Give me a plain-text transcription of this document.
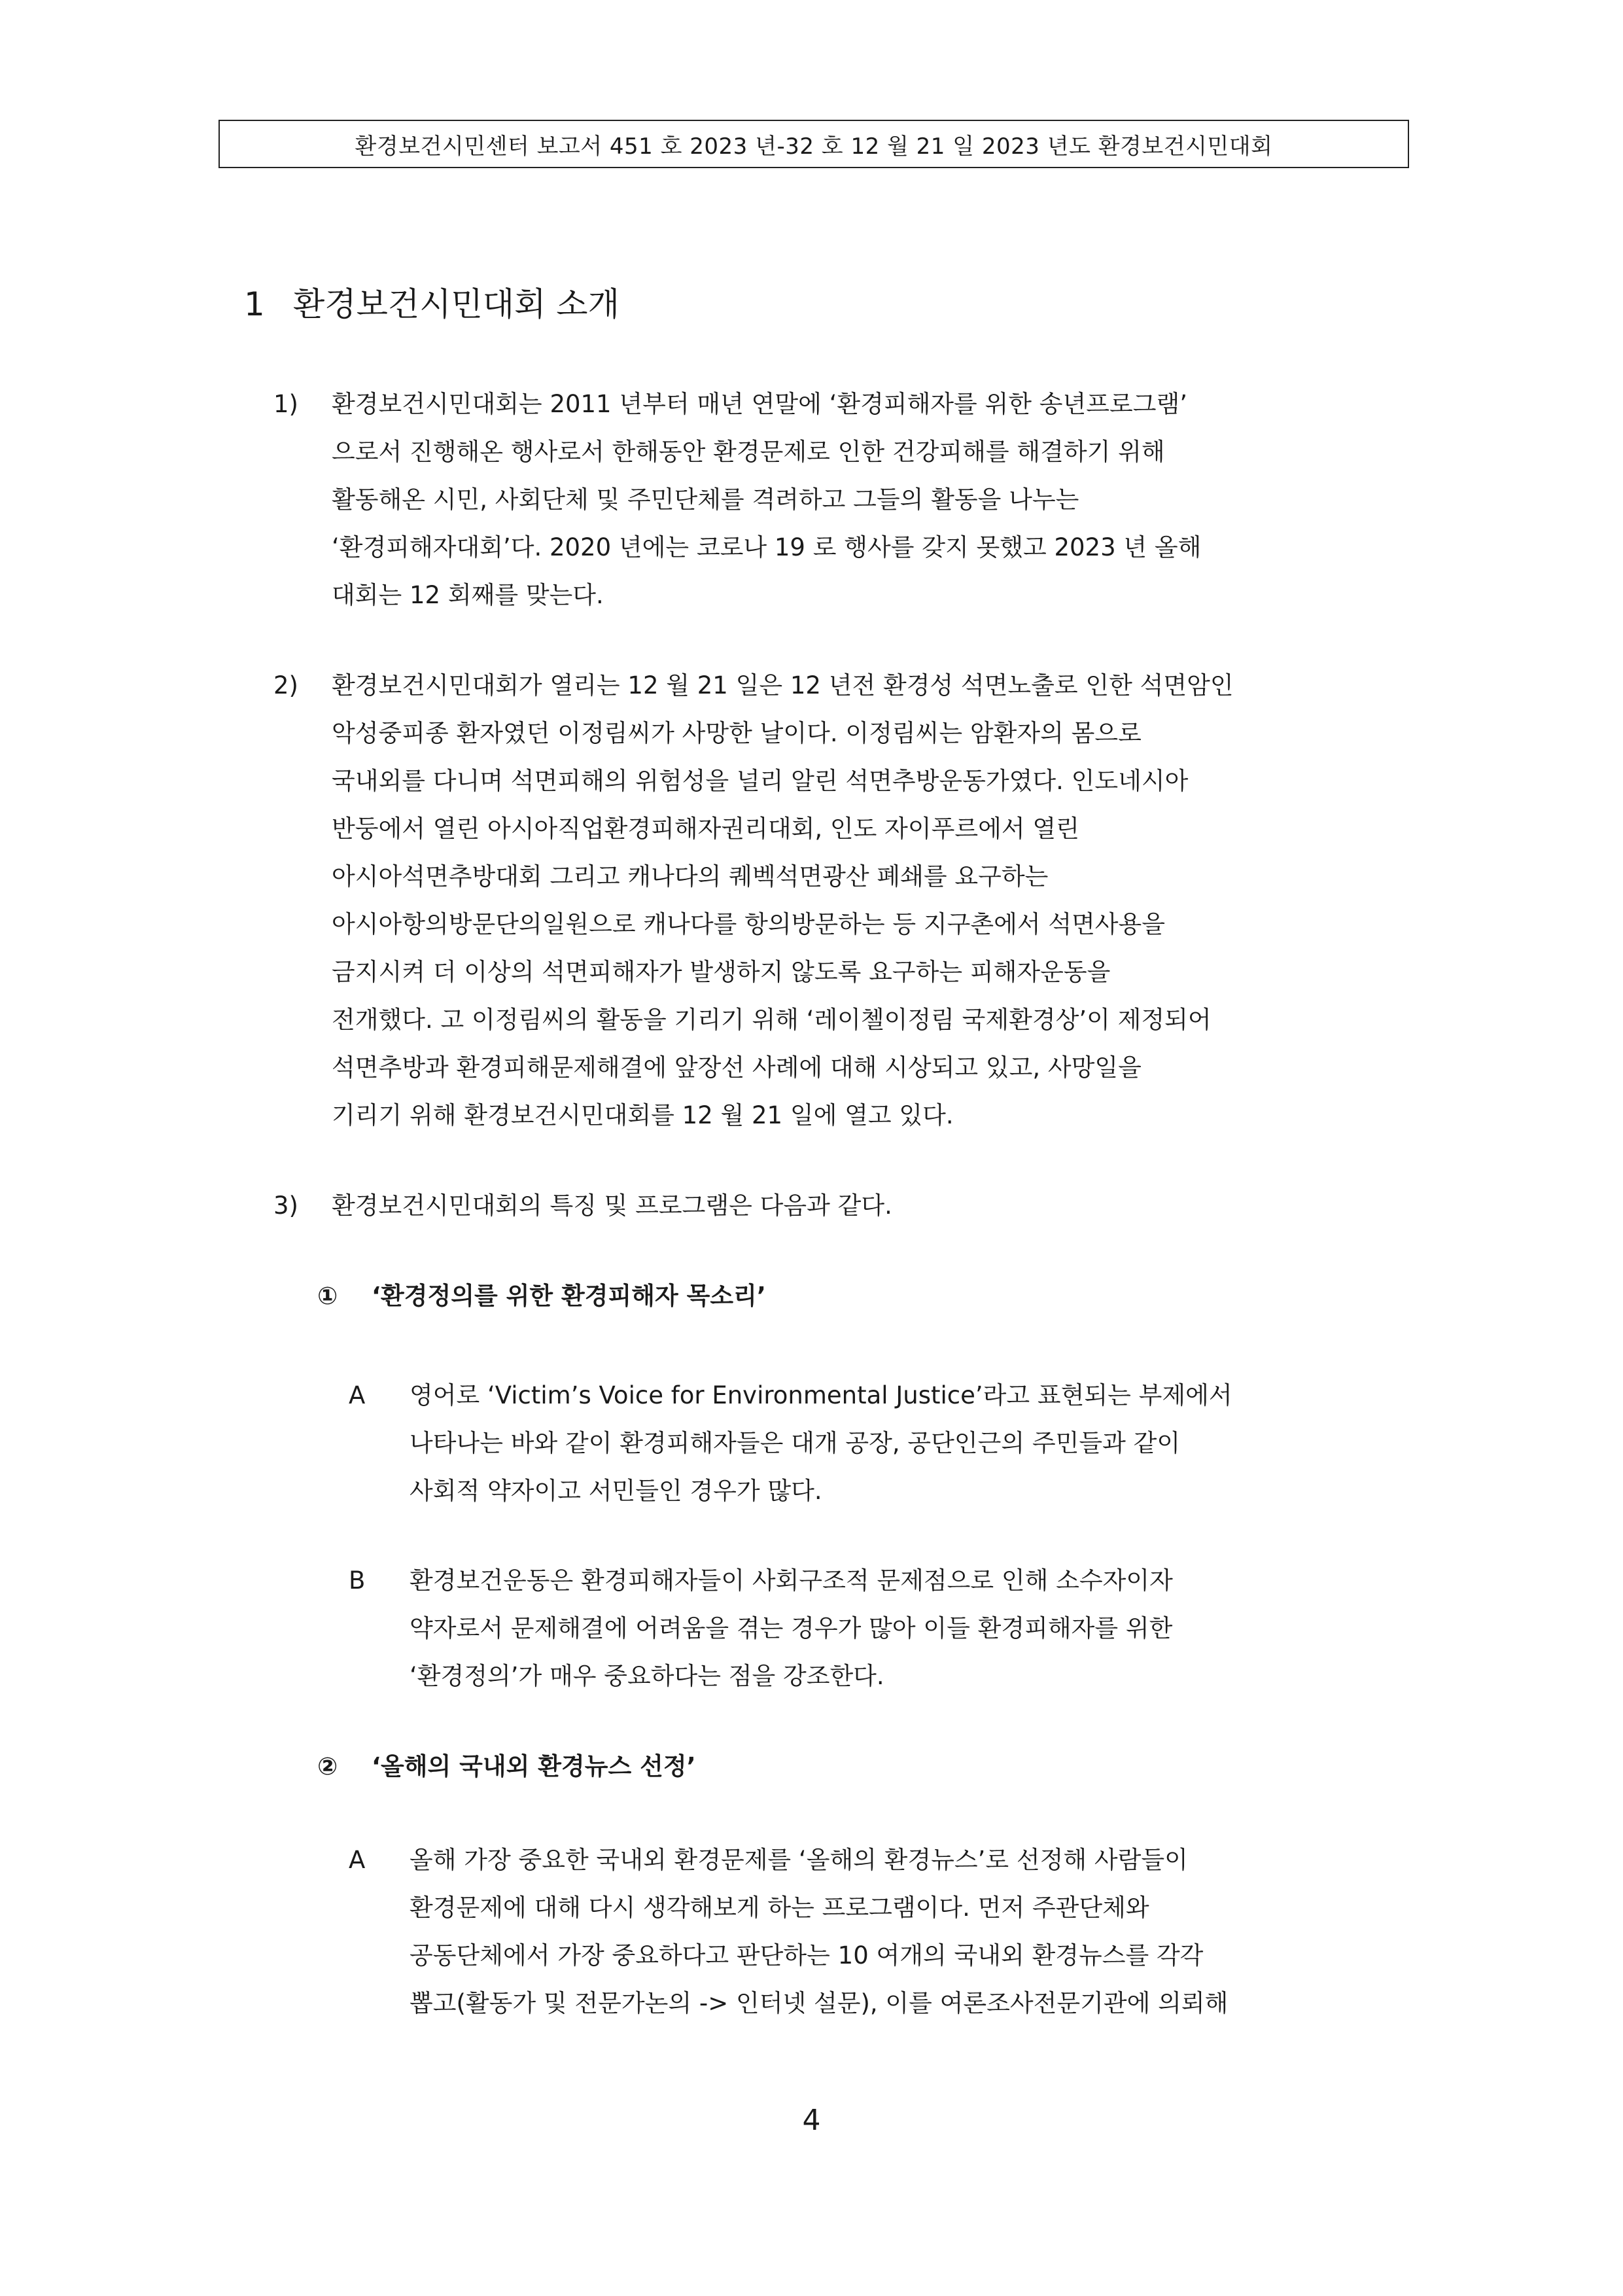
환경보건시민센터 보고서 451 호 2023 년-32 호 12 월 21 일 2023 년도 환경보건시민대회
1 환경보건시민대회 소개
1)	환경보건시민대회는 2011 년부터 매년 연말에 ‘환경피해자를 위한 송년프로그램’
으로서 진행해온 행사로서 한해동안 환경문제로 인한 건강피해를 해결하기 위해
활동해온 시민, 사회단체 및 주민단체를 격려하고 그들의 활동을 나누는
‘환경피해자대회’다. 2020 년에는 코로나 19 로 행사를 갖지 못했고 2023 년 올해
대회는 12 회째를 맞는다.
2)	환경보건시민대회가 열리는 12 월 21 일은 12 년전 환경성 석면노출로 인한 석면암인
악성중피종 환자였던 이정림씨가 사망한 날이다. 이정림씨는 암환자의 몸으로
국내외를 다니며 석면피해의 위험성을 널리 알린 석면추방운동가였다. 인도네시아
반둥에서 열린 아시아직업환경피해자권리대회, 인도 자이푸르에서 열린
아시아석면추방대회 그리고 캐나다의 퀘벡석면광산 폐쇄를 요구하는
아시아항의방문단의일원으로 캐나다를 항의방문하는 등 지구촌에서 석면사용을
금지시켜 더 이상의 석면피해자가 발생하지 않도록 요구하는 피해자운동을
전개했다. 고 이정림씨의 활동을 기리기 위해 ‘레이첼이정림 국제환경상’이 제정되어
석면추방과 환경피해문제해결에 앞장선 사례에 대해 시상되고 있고, 사망일을
기리기 위해 환경보건시민대회를 12 월 21 일에 열고 있다.
3)	환경보건시민대회의 특징 및 프로그램은 다음과 같다.
① ‘환경정의를 위한 환경피해자 목소리’
A	영어로 ‘Victim’s Voice for Environmental Justice’라고 표현되는 부제에서
나타나는 바와 같이 환경피해자들은 대개 공장, 공단인근의 주민들과 같이
사회적 약자이고 서민들인 경우가 많다.
B	환경보건운동은 환경피해자들이 사회구조적 문제점으로 인해 소수자이자
약자로서 문제해결에 어려움을 겪는 경우가 많아 이들 환경피해자를 위한
‘환경정의’가 매우 중요하다는 점을 강조한다.
② ‘올해의 국내외 환경뉴스 선정’
A	올해 가장 중요한 국내외 환경문제를 ‘올해의 환경뉴스’로 선정해 사람들이
환경문제에 대해 다시 생각해보게 하는 프로그램이다. 먼저 주관단체와
공동단체에서 가장 중요하다고 판단하는 10 여개의 국내외 환경뉴스를 각각
뽑고(활동가 및 전문가논의 -> 인터넷 설문), 이를 여론조사전문기관에 의뢰해
4
